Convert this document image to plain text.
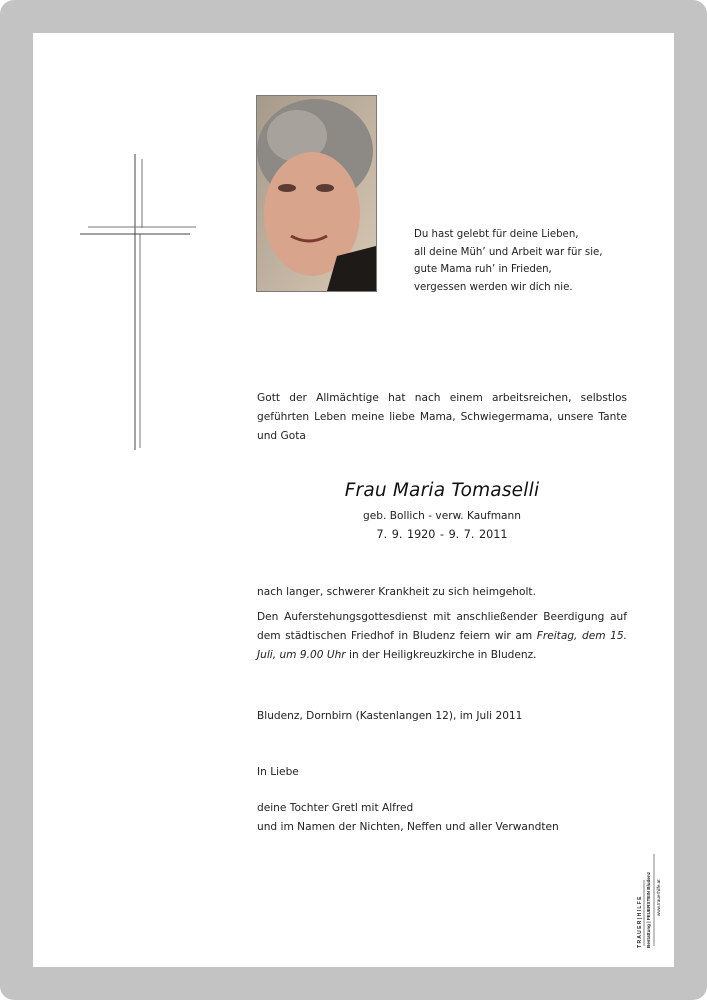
Du hast gelebt für deine Lieben,
all deine Müh’ und Arbeit war für sie,
gute Mama ruh’ in Frieden,
vergessen werden wir dich nie.
Gott der Allmächtige hat nach einem arbeitsreichen, selbstlos geführten Leben meine liebe Mama, Schwiegermama, unsere Tante und Gota
Frau Maria Tomaselli
geb. Bollich - verw. Kaufmann
7. 9. 1920 - 9. 7. 2011
nach langer, schwerer Krankheit zu sich heimgeholt.
Den Auferstehungsgottesdienst mit anschließender Beerdigung auf dem städtischen Friedhof in Bludenz feiern wir am Freitag, dem 15. Juli, um 9.00 Uhr in der Heiligkreuzkirche in Bludenz.
Bludenz, Dornbirn (Kastenlangen 12), im Juli 2011
In Liebe
deine Tochter Gretl mit Alfred
und im Namen der Nichten, Neffen und aller Verwandten
T R A U E R | H I L F E Bestattung | FEUERSTEIN Bludenz www.trauerhilfe.at
